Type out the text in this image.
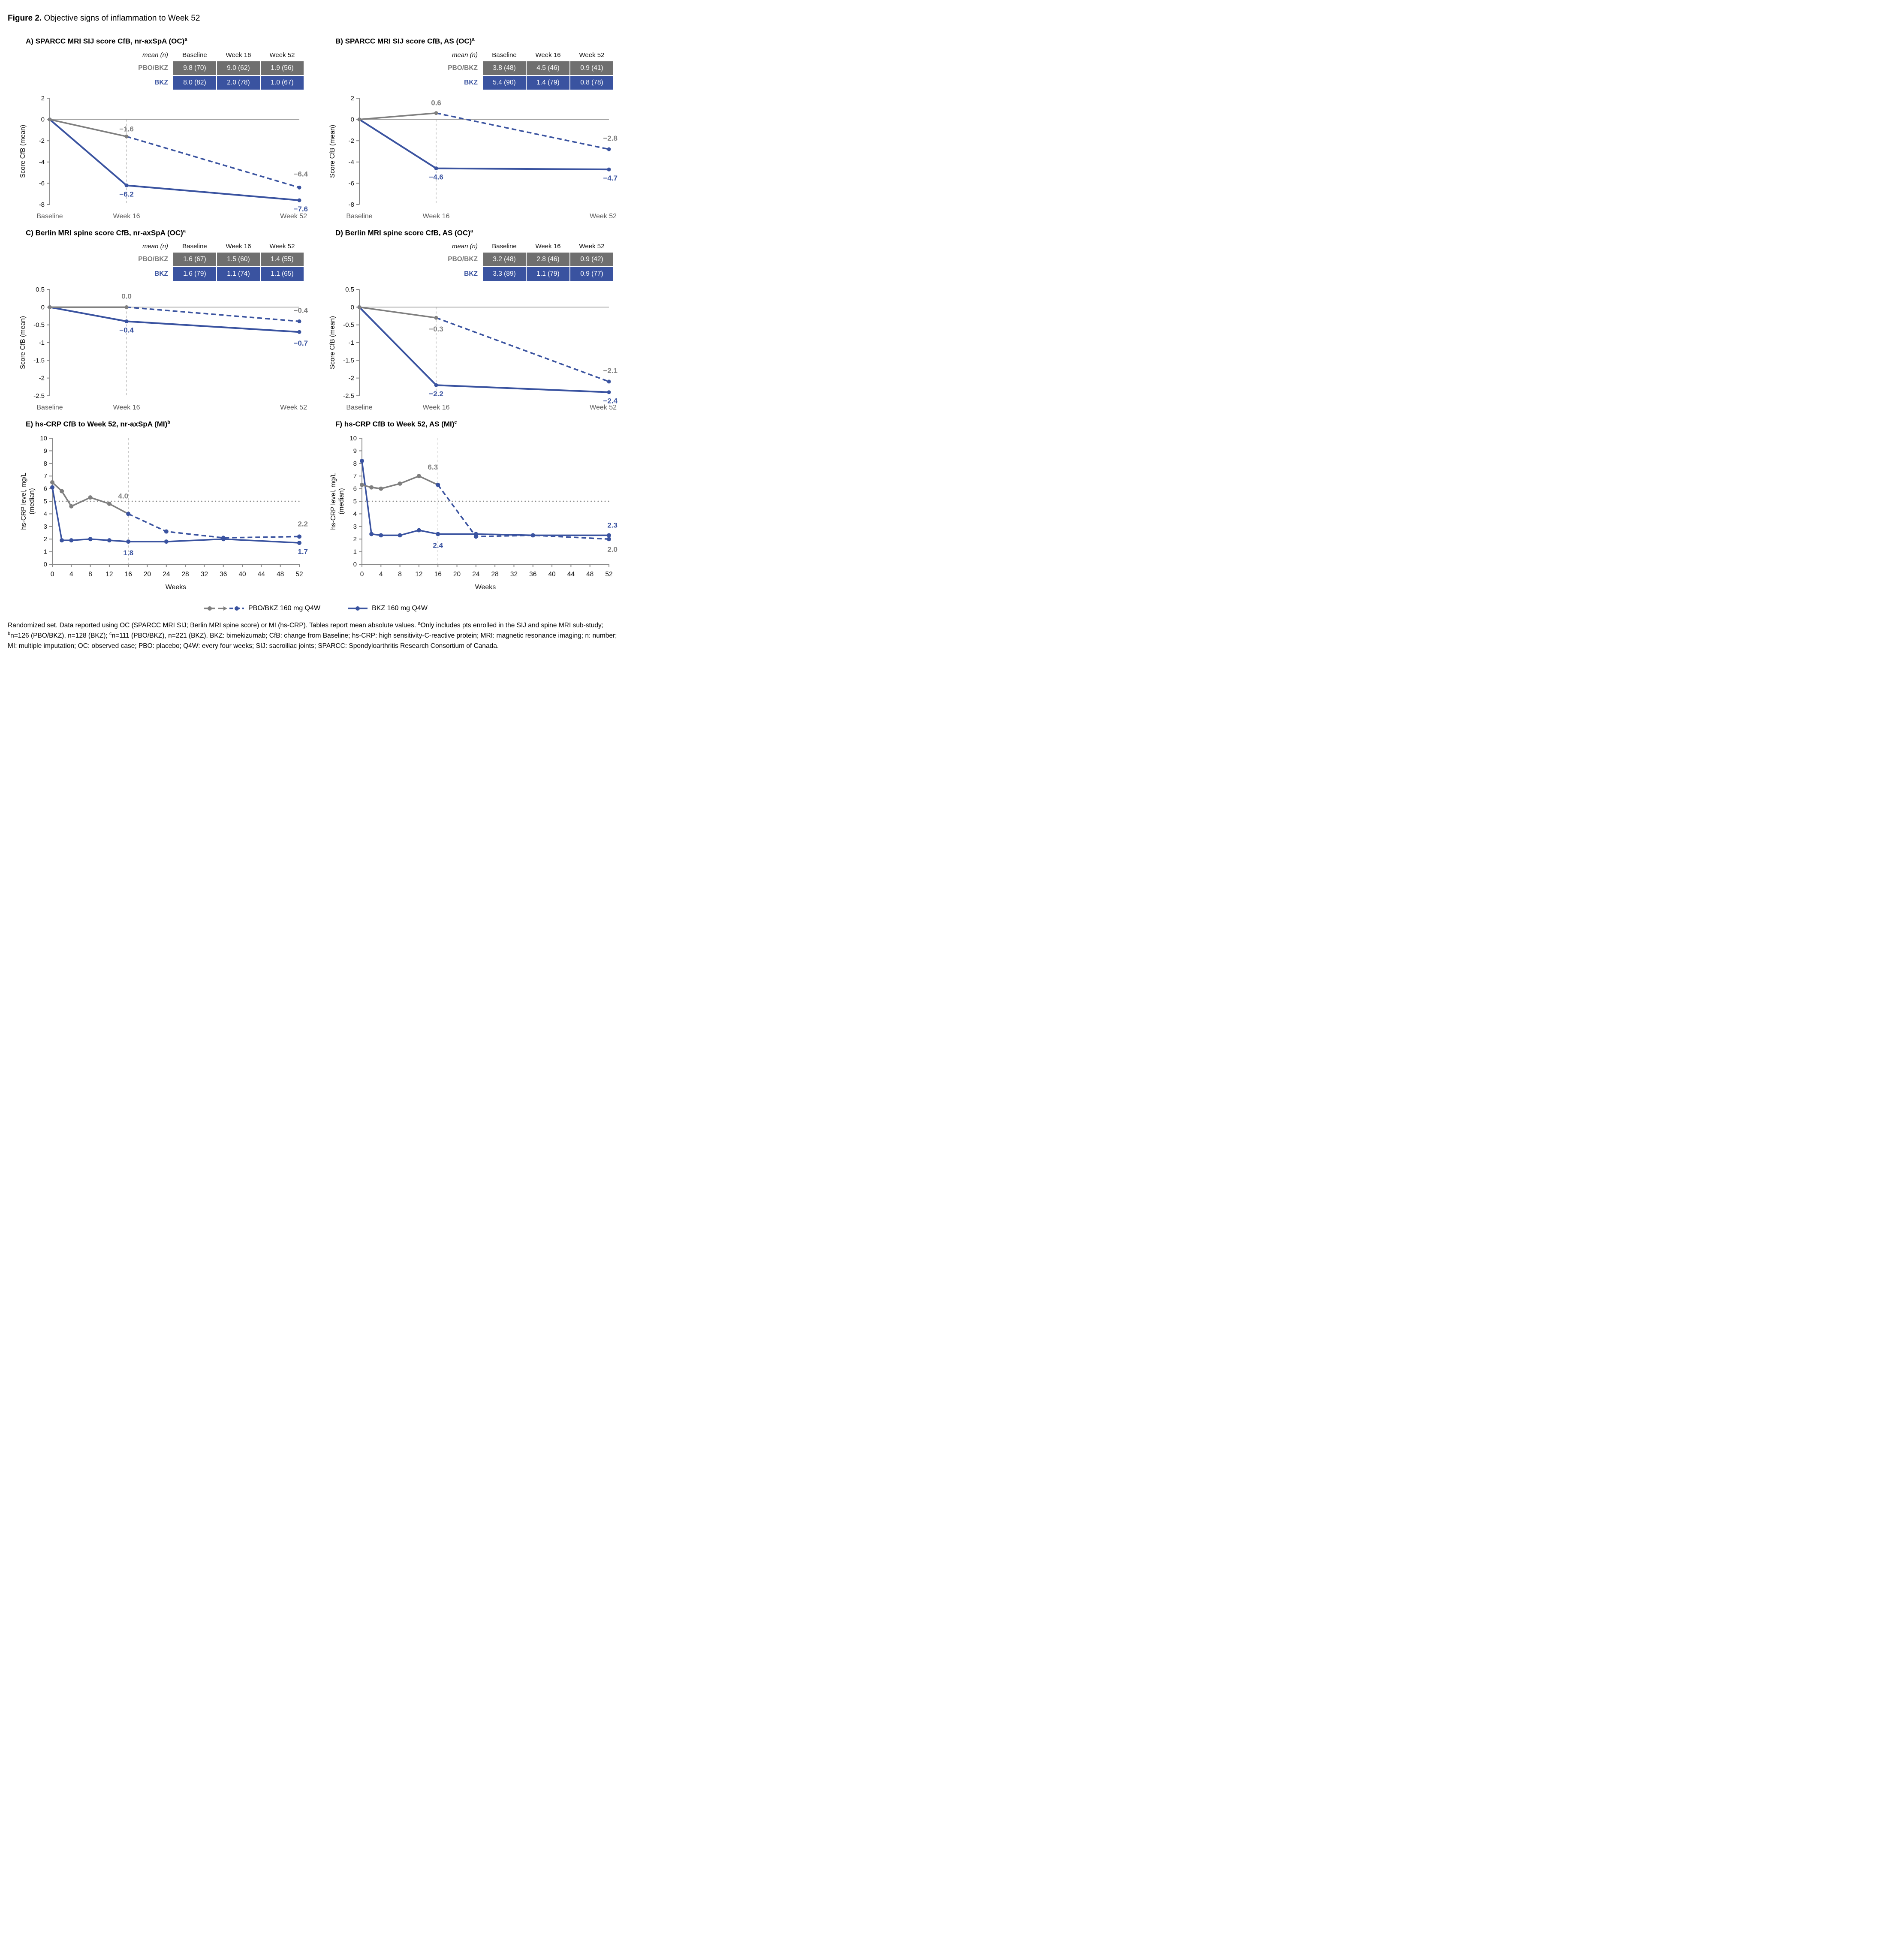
Figure 2. Objective signs of inflammation to Week 52
A) SPARCC MRI SIJ score CfB, nr-axSpA (OC)$^a$
mean (n)	Baseline	Week 16	Week 52
PBO/BKZ	9.8 (70)	9.0 (62)	1.9 (56)
BKZ	8.0 (82)	2.0 (78)	1.0 (67)
2
0
-2
-4
-6
-8
Baseline	Week 16	Week 52
Score CfB (mean)	−1.6
−6.4
−6.2
−7.6
B) SPARCC MRI SIJ score CfB, AS (OC)$^a$
mean (n)	Baseline	Week 16	Week 52
PBO/BKZ	3.8 (48)	4.5 (46)	0.9 (41)
BKZ	5.4 (90)	1.4 (79)	0.8 (78)
2
0
-2
-4
-6
-8
Baseline	Week 16	Week 52
Score CfB (mean)
0.6
−2.8
−4.6	−4.7
C) Berlin MRI spine score CfB, nr-axSpA (OC)$^a$
mean (n)	Baseline	Week 16	Week 52
PBO/BKZ	1.6 (67)	1.5 (60)	1.4 (55)
BKZ	1.6 (79)	1.1 (74)	1.1 (65)
0.5
0
-0.5
-1
-1.5
-2
-2.5
Baseline	Week 16	Week 52
Score CfB (mean)
0.0
−0.4
−0.4
−0.7
D) Berlin MRI spine score CfB, AS (OC)$^a$
mean (n)	Baseline	Week 16	Week 52
PBO/BKZ	3.2 (48)	2.8 (46)	0.9 (42)
BKZ	3.3 (89)	1.1 (79)	0.9 (77)
0.5
0
-0.5
-1
-1.5
-2
-2.5
Baseline	Week 16	Week 52
Score CfB (mean)	−0.3
−2.1
−2.2
−2.4
E) hs-CRP CfB to Week 52, nr-axSpA (MI)$^b$
0
1
2
3
4
5
6
7
8
9
10
0 4 8 12 16 20 24 28 32 36 40 44 48 52
Weeks
hs-CRP level, mg/L (median)	4.0
2.2
1.8	1.7
F) hs-CRP CfB to Week 52, AS (MI)$^c$
0
1
2
3
4
5
6
7
8
9
10
0 4 8 12 16 20 24 28 32 36 40 44 48 52
Weeks
hs-CRP level, mg/L (median)
6.3
2.0
2.4
2.3
PBO/BKZ 160 mg Q4W	BKZ 160 mg Q4W

Randomized set. Data reported using OC (SPARCC MRI SIJ; Berlin MRI spine score) or MI (hs-CRP). Tables report mean absolute values. $^a$Only includes pts enrolled in the SIJ and spine MRI sub-study; $^b$n=126 (PBO/BKZ), n=128 (BKZ); $^c$n=111 (PBO/BKZ), n=221 (BKZ). BKZ: bimekizumab; CfB: change from Baseline; hs-CRP: high sensitivity-C-reactive protein; MRI: magnetic resonance imaging; n: number; MI: multiple imputation; OC: observed case; PBO: placebo; Q4W: every four weeks; SIJ: sacroiliac joints; SPARCC: Spondyloarthritis Research Consortium of Canada.
